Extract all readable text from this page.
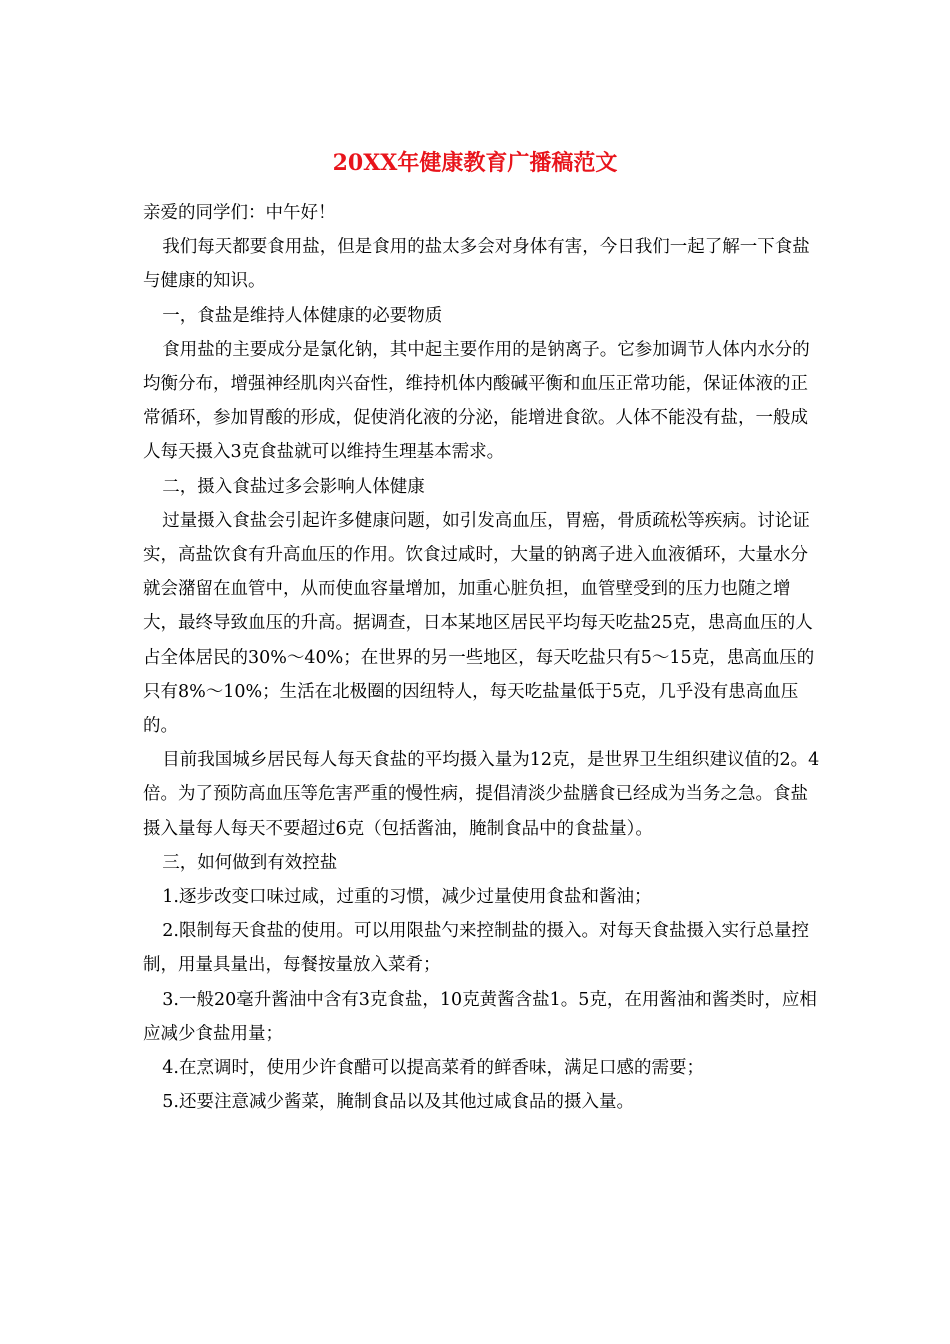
20XX年健康教育广播稿范文

亲爱的同学们：中午好！

我们每天都要食用盐，但是食用的盐太多会对身体有害，今日我们一起了解一下食盐与健康的知识。

一，食盐是维持人体健康的必要物质

食用盐的主要成分是氯化钠，其中起主要作用的是钠离子。它参加调节人体内水分的均衡分布，增强神经肌肉兴奋性，维持机体内酸碱平衡和血压正常功能，保证体液的正常循环，参加胃酸的形成，促使消化液的分泌，能增进食欲。人体不能没有盐，一般成人每天摄入3克食盐就可以维持生理基本需求。

二，摄入食盐过多会影响人体健康

过量摄入食盐会引起许多健康问题，如引发高血压，胃癌，骨质疏松等疾病。讨论证实，高盐饮食有升高血压的作用。饮食过咸时，大量的钠离子进入血液循环，大量水分就会潴留在血管中，从而使血容量增加，加重心脏负担，血管壁受到的压力也随之增大，最终导致血压的升高。据调查，日本某地区居民平均每天吃盐25克，患高血压的人占全体居民的30%～40%；在世界的另一些地区，每天吃盐只有5～15克，患高血压的只有8%～10%；生活在北极圈的因纽特人，每天吃盐量低于5克，几乎没有患高血压的。

目前我国城乡居民每人每天食盐的平均摄入量为12克，是世界卫生组织建议值的2。4倍。为了预防高血压等危害严重的慢性病，提倡清淡少盐膳食已经成为当务之急。食盐摄入量每人每天不要超过6克（包括酱油，腌制食品中的食盐量）。

三，如何做到有效控盐

1.逐步改变口味过咸，过重的习惯，减少过量使用食盐和酱油；

2.限制每天食盐的使用。可以用限盐勺来控制盐的摄入。对每天食盐摄入实行总量控制，用量具量出，每餐按量放入菜肴；

3.一般20毫升酱油中含有3克食盐，10克黄酱含盐1。5克，在用酱油和酱类时，应相应减少食盐用量；

4.在烹调时，使用少许食醋可以提高菜肴的鲜香味，满足口感的需要；

5.还要注意减少酱菜，腌制食品以及其他过咸食品的摄入量。
